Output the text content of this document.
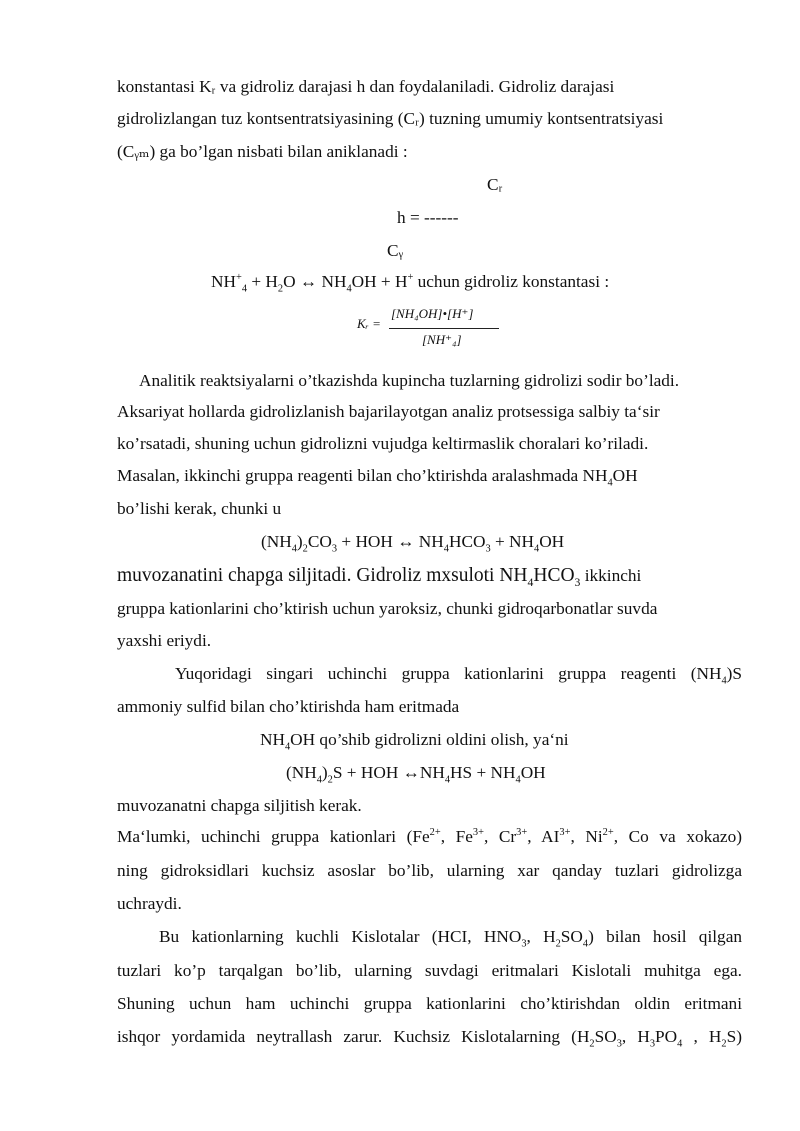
konstantasi Kᵣ va gidroliz darajasi h dan foydalaniladi. Gidroliz darajasi
gidrolizlangan tuz kontsentratsiyasining (Cᵣ) tuzning umumiy kontsentratsiyasi
(Cᵧₘ) ga bo’lgan nisbati bilan aniklanadi :
Cᵣ
h = ------
Cᵧ
$NH^+_4 + H_2O$ ↔ $NH_4OH + H^+$ uchun gidroliz konstantasi :
Kᵣ =
[NH₄OH]•[H⁺]
[NH⁺₄]
Analitik reaktsiyalarni o’tkazishda kupincha tuzlarning gidrolizi sodir bo’ladi.
Aksariyat hollarda gidrolizlanish bajarilayotgan analiz protsessiga salbiy ta‘sir
ko’rsatadi, shuning uchun gidrolizni vujudga keltirmaslik choralari ko’riladi.
Masalan, ikkinchi gruppa reagenti bilan cho’ktirishda aralashmada $NH_4OH$
bo’lishi kerak, chunki u
$(NH_4)_2CO_3$ + HOH ↔ $NH_4HCO_3 + NH_4OH$
muvozanatini chapga siljitadi. Gidroliz mxsuloti $NH_4HCO_3$ ikkinchi
gruppa kationlarini cho’ktirish uchun yaroksiz, chunki gidroqarbonatlar suvda
yaxshi eriydi.
Yuqoridagi singari uchinchi gruppa kationlarini gruppa reagenti $(NH_4)S$
ammoniy sulfid bilan cho’ktirishda ham eritmada
$NH_4OH$ qo’shib gidrolizni oldini olish, ya‘ni
$(NH_4)_2S$ + HOH $\leftrightarrow NH_4HS + NH_4OH$
muvozanatni chapga siljitish kerak.
Ma‘lumki, uchinchi gruppa kationlari ($Fe^{2+}$, $Fe^{3+}$, $Cr^{3+}$, $AI^{3+}$, $Ni^{2+}$, Co va xokazo)
ning gidroksidlari kuchsiz asoslar bo’lib, ularning xar qanday tuzlari gidrolizga
uchraydi.
Bu kationlarning kuchli Kislotalar (HCI, $HNO_3$, $H_2SO_4$) bilan hosil qilgan
tuzlari ko’p tarqalgan bo’lib, ularning suvdagi eritmalari Kislotali muhitga ega.
Shuning uchun ham uchinchi gruppa kationlarini cho’ktirishdan oldin eritmani
ishqor yordamida neytrallash zarur. Kuchsiz Kislotalarning ($H_2SO_3$, $H_3PO_4$ , $H_2S$)
